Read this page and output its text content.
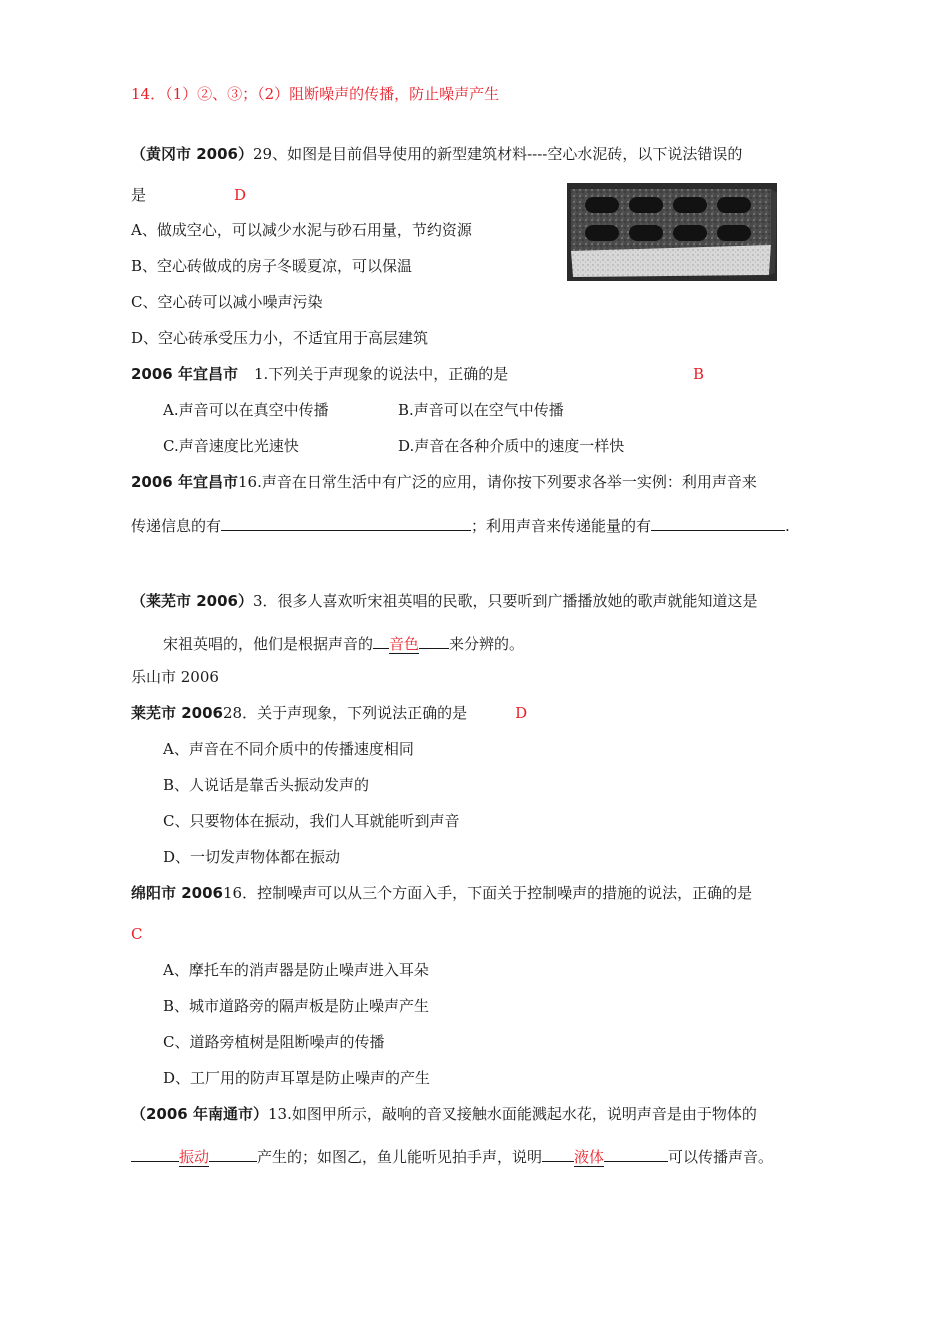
14．（1）②、③；（2）阻断噪声的传播，防止噪声产生
（黄冈市 2006）29、如图是目前倡导使用的新型建筑材料----空心水泥砖，以下说法错误的
是	D
A、做成空心，可以减少水泥与砂石用量，节约资源
B、空心砖做成的房子冬暖夏凉，可以保温
C、空心砖可以减小噪声污染
D、空心砖承受压力小，不适宜用于高层建筑
2006 年宜昌市 1.下列关于声现象的说法中，正确的是	B
A.声音可以在真空中传播	B.声音可以在空气中传播
C.声音速度比光速快	D.声音在各种介质中的速度一样快
2006 年宜昌市16.声音在日常生活中有广泛的应用，请你按下列要求各举一实例：利用声音来
传递信息的有	；利用声音来传递能量的有	.
（莱芜市 2006）3．很多人喜欢听宋祖英唱的民歌，只要听到广播播放她的歌声就能知道这是
宋祖英唱的，他们是根据声音的 音色 来分辨的。
乐山市 2006
莱芜市 200628．关于声现象，下列说法正确的是	D
A、声音在不同介质中的传播速度相同
B、人说话是靠舌头振动发声的
C、只要物体在振动，我们人耳就能听到声音
D、一切发声物体都在振动
绵阳市 200616．控制噪声可以从三个方面入手，下面关于控制噪声的措施的说法，正确的是
C
A、摩托车的消声器是防止噪声进入耳朵
B、城市道路旁的隔声板是防止噪声产生
C、道路旁植树是阻断噪声的传播
D、工厂用的防声耳罩是防止噪声的产生
（2006 年南通市）13.如图甲所示，敲响的音叉接触水面能溅起水花，说明声音是由于物体的
振动	产生的；如图乙，鱼儿能听见拍手声，说明 液体	可以传播声音。
